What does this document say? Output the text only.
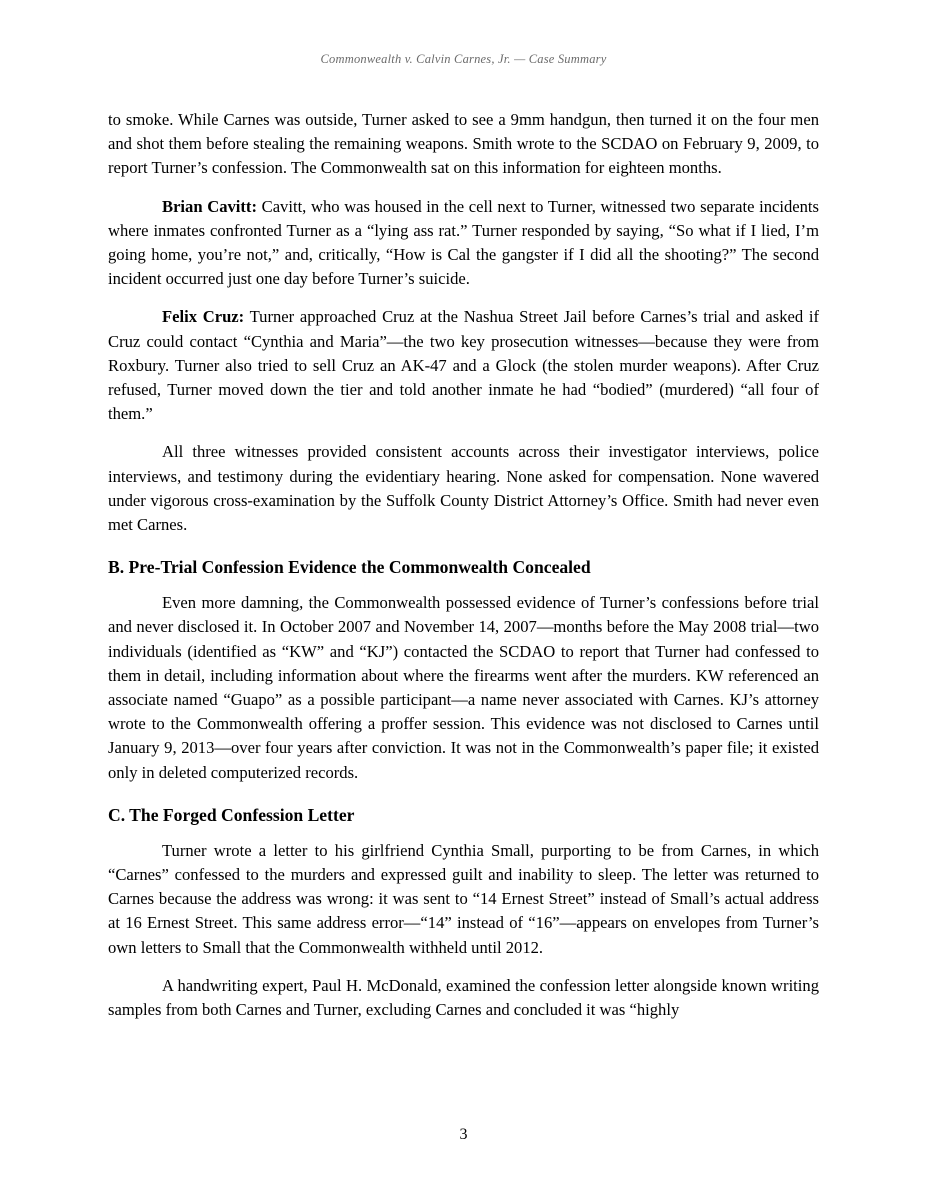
Commonwealth v. Calvin Carnes, Jr. — Case Summary

to smoke. While Carnes was outside, Turner asked to see a 9mm handgun, then turned it on the four men and shot them before stealing the remaining weapons. Smith wrote to the SCDAO on February 9, 2009, to report Turner’s confession. The Commonwealth sat on this information for eighteen months.

Brian Cavitt: Cavitt, who was housed in the cell next to Turner, witnessed two separate incidents where inmates confronted Turner as a “lying ass rat.” Turner responded by saying, “So what if I lied, I’m going home, you’re not,” and, critically, “How is Cal the gangster if I did all the shooting?” The second incident occurred just one day before Turner’s suicide.

Felix Cruz: Turner approached Cruz at the Nashua Street Jail before Carnes’s trial and asked if Cruz could contact “Cynthia and Maria”—the two key prosecution witnesses—because they were from Roxbury. Turner also tried to sell Cruz an AK-47 and a Glock (the stolen murder weapons). After Cruz refused, Turner moved down the tier and told another inmate he had “bodied” (murdered) “all four of them.”

All three witnesses provided consistent accounts across their investigator interviews, police interviews, and testimony during the evidentiary hearing. None asked for compensation. None wavered under vigorous cross-examination by the Suffolk County District Attorney’s Office. Smith had never even met Carnes.

B. Pre-Trial Confession Evidence the Commonwealth Concealed

Even more damning, the Commonwealth possessed evidence of Turner’s confessions before trial and never disclosed it. In October 2007 and November 14, 2007—months before the May 2008 trial—two individuals (identified as “KW” and “KJ”) contacted the SCDAO to report that Turner had confessed to them in detail, including information about where the firearms went after the murders. KW referenced an associate named “Guapo” as a possible participant—a name never associated with Carnes. KJ’s attorney wrote to the Commonwealth offering a proffer session. This evidence was not disclosed to Carnes until January 9, 2013—over four years after conviction. It was not in the Commonwealth’s paper file; it existed only in deleted computerized records.

C. The Forged Confession Letter

Turner wrote a letter to his girlfriend Cynthia Small, purporting to be from Carnes, in which “Carnes” confessed to the murders and expressed guilt and inability to sleep. The letter was returned to Carnes because the address was wrong: it was sent to “14 Ernest Street” instead of Small’s actual address at 16 Ernest Street. This same address error—“14” instead of “16”—appears on envelopes from Turner’s own letters to Small that the Commonwealth withheld until 2012.

A handwriting expert, Paul H. McDonald, examined the confession letter alongside known writing samples from both Carnes and Turner, excluding Carnes and concluded it was “highly

3
